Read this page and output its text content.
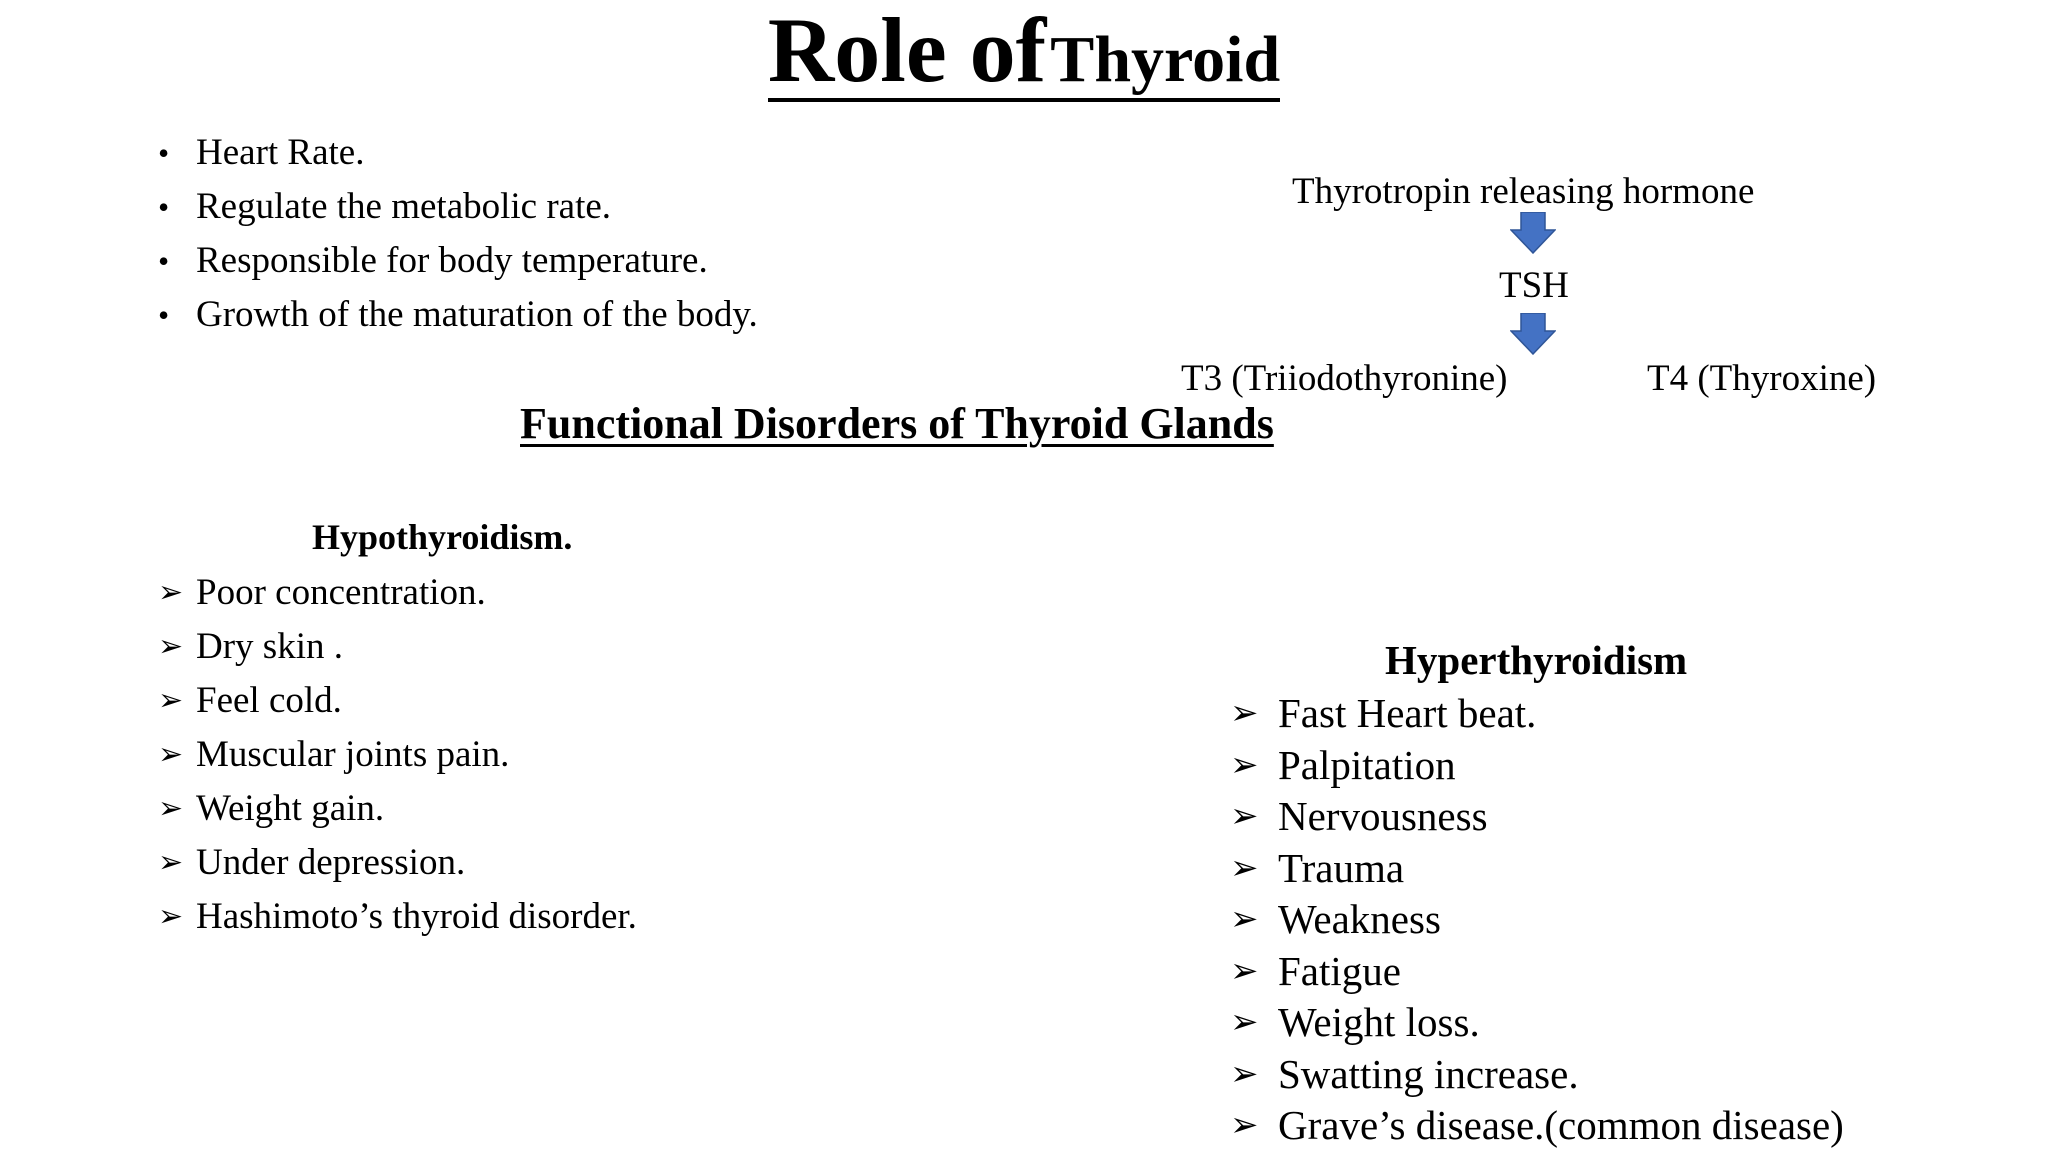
Role of Thyroid
• Heart Rate.
• Regulate the metabolic rate.
• Responsible for body temperature.
• Growth of the maturation of the body.
Thyrotropin releasing hormone
TSH
T3 (Triiodothyronine)	T4 (Thyroxine)
Functional Disorders of Thyroid Glands
Hypothyroidism.
➢ Poor concentration.
➢ Dry skin .
➢ Feel cold.
➢ Muscular joints pain.
➢ Weight gain.
➢ Under depression.
➢ Hashimoto’s thyroid disorder.
Hyperthyroidism
➢ Fast Heart beat.
➢ Palpitation
➢ Nervousness
➢ Trauma
➢ Weakness
➢ Fatigue
➢ Weight loss.
➢ Swatting increase.
➢ Grave’s disease.(common disease)
